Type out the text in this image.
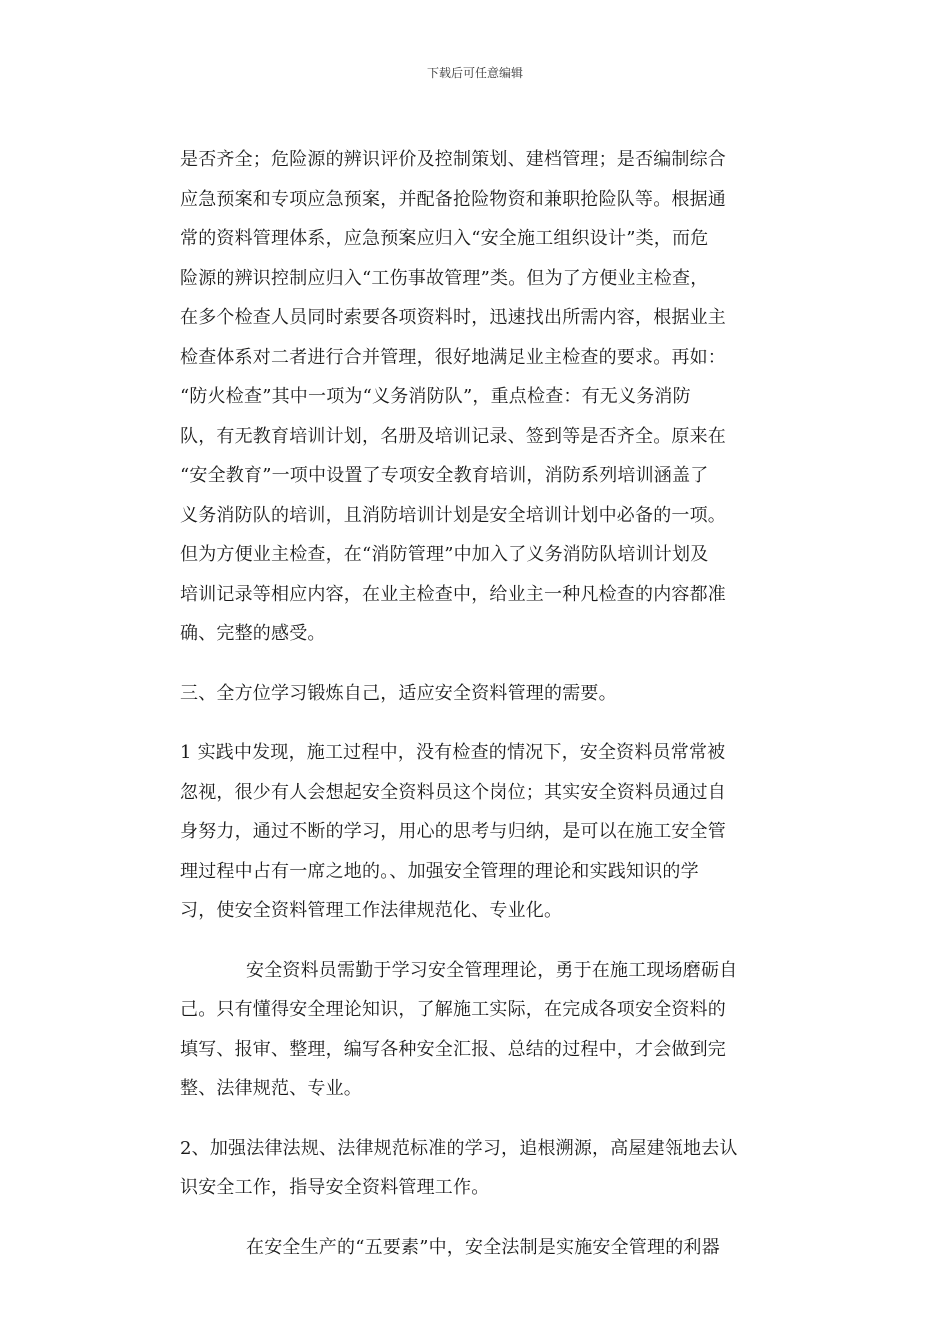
下载后可任意编辑

是否齐全；危险源的辨识评价及控制策划、建档管理；是否编制综合
应急预案和专项应急预案，并配备抢险物资和兼职抢险队等。根据通
常的资料管理体系，应急预案应归入“安全施工组织设计”类，而危
险源的辨识控制应归入“工伤事故管理”类。但为了方便业主检查，
在多个检查人员同时索要各项资料时，迅速找出所需内容，根据业主
检查体系对二者进行合并管理，很好地满足业主检查的要求。再如：
“防火检查”其中一项为“义务消防队”，重点检查：有无义务消防
队，有无教育培训计划，名册及培训记录、签到等是否齐全。原来在
“安全教育”一项中设置了专项安全教育培训，消防系列培训涵盖了
义务消防队的培训，且消防培训计划是安全培训计划中必备的一项。
但为方便业主检查，在“消防管理”中加入了义务消防队培训计划及
培训记录等相应内容，在业主检查中，给业主一种凡检查的内容都准
确、完整的感受。

三、全方位学习锻炼自己，适应安全资料管理的需要。

1 实践中发现，施工过程中，没有检查的情况下，安全资料员常常被
忽视，很少有人会想起安全资料员这个岗位；其实安全资料员通过自
身努力，通过不断的学习，用心的思考与归纳，是可以在施工安全管
理过程中占有一席之地的。、加强安全管理的理论和实践知识的学
习，使安全资料管理工作法律规范化、专业化。

安全资料员需勤于学习安全管理理论，勇于在施工现场磨砺自
己。只有懂得安全理论知识，了解施工实际，在完成各项安全资料的
填写、报审、整理，编写各种安全汇报、总结的过程中，才会做到完
整、法律规范、专业。

2、加强法律法规、法律规范标准的学习，追根溯源，高屋建瓴地去认
识安全工作，指导安全资料管理工作。

在安全生产的“五要素”中，安全法制是实施安全管理的利器
